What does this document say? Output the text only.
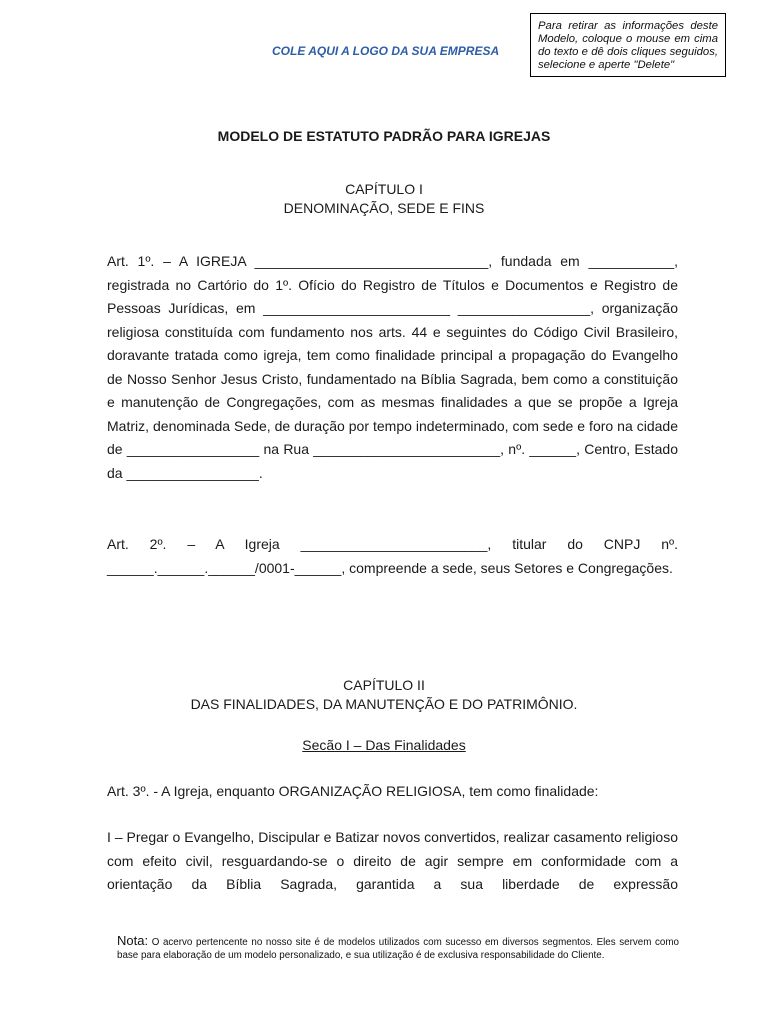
COLE AQUI A LOGO DA SUA EMPRESA

Para retirar as informações deste Modelo, coloque o mouse em cima do texto e dê dois cliques seguidos, selecione e aperte "Delete"

MODELO DE ESTATUTO PADRÃO PARA IGREJAS

CAPÍTULO I

DENOMINAÇÃO, SEDE E FINS

Art. 1º. – A IGREJA ______________________________, fundada em ___________, registrada no Cartório do 1º. Ofício do Registro de Títulos e Documentos e Registro de Pessoas Jurídicas, em ________________________ _________________, organização religiosa constituída com fundamento nos arts. 44 e seguintes do Código Civil Brasileiro, doravante tratada como igreja, tem como finalidade principal a propagação do Evangelho de Nosso Senhor Jesus Cristo, fundamentado na Bíblia Sagrada, bem como a constituição e manutenção de Congregações, com as mesmas finalidades a que se propõe a Igreja Matriz, denominada Sede, de duração por tempo indeterminado, com sede e foro na cidade de _________________ na Rua ________________________, nº. ______, Centro, Estado da _________________.

Art. 2º. – A Igreja ________________________, titular do CNPJ nº. ______.______.______/0001-______, compreende a sede, seus Setores e Congregações.

CAPÍTULO II

DAS FINALIDADES, DA MANUTENÇÃO E DO PATRIMÔNIO.

Secão I – Das Finalidades

Art. 3º. - A Igreja, enquanto ORGANIZAÇÃO RELIGIOSA, tem como finalidade:

I – Pregar o Evangelho, Discipular e Batizar novos convertidos, realizar casamento religioso com efeito civil, resguardando-se o direito de agir sempre em conformidade com a orientação da Bíblia Sagrada, garantida a sua liberdade de expressão

Nota: O acervo pertencente no nosso site é de modelos utilizados com sucesso em diversos segmentos. Eles servem como base para elaboração de um modelo personalizado, e sua utilização é de exclusiva responsabilidade do Cliente.
